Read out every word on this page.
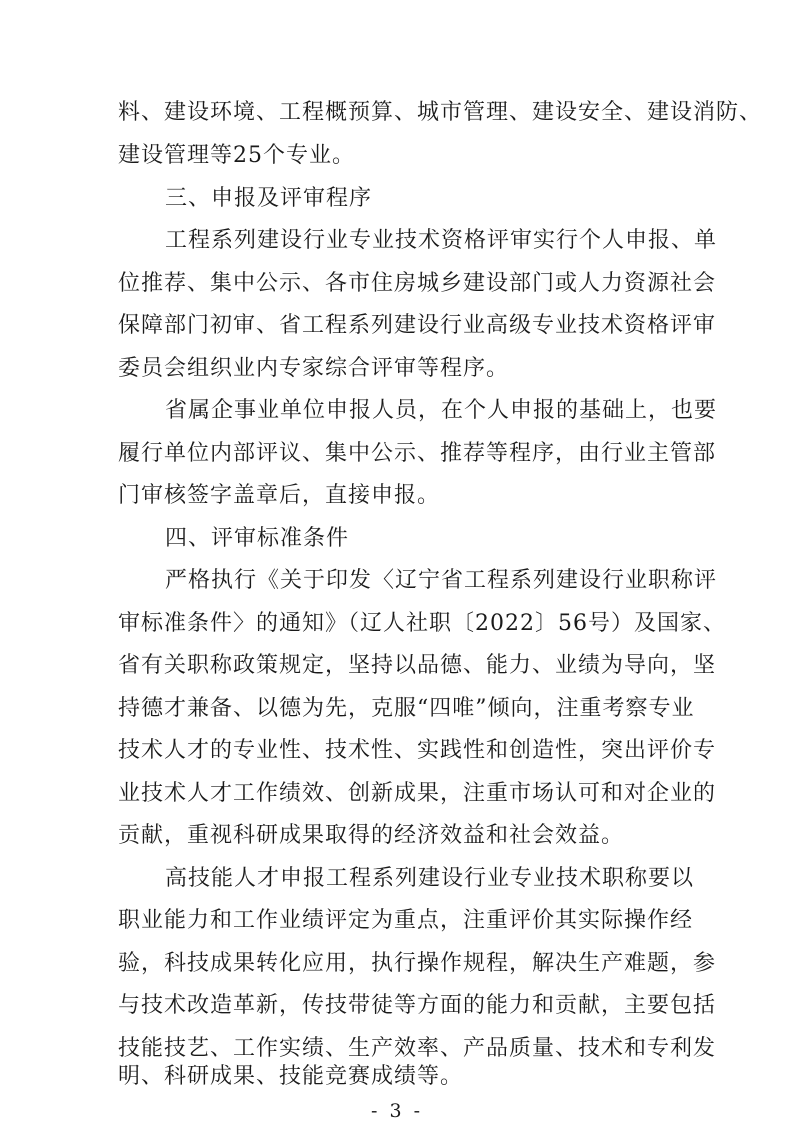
料、建设环境、工程概预算、城市管理、建设安全、建设消防、
建设管理等25个专业。
三、申报及评审程序
工程系列建设行业专业技术资格评审实行个人申报、单
位推荐、集中公示、各市住房城乡建设部门或人力资源社会
保障部门初审、省工程系列建设行业高级专业技术资格评审
委员会组织业内专家综合评审等程序。
省属企事业单位申报人员，在个人申报的基础上，也要
履行单位内部评议、集中公示、推荐等程序，由行业主管部
门审核签字盖章后，直接申报。
四、评审标准条件
严格执行《关于印发〈辽宁省工程系列建设行业职称评
审标准条件〉的通知》（辽人社职〔2022〕56号）及国家、
省有关职称政策规定，坚持以品德、能力、业绩为导向，坚
持德才兼备、以德为先，克服“四唯”倾向，注重考察专业
技术人才的专业性、技术性、实践性和创造性，突出评价专
业技术人才工作绩效、创新成果，注重市场认可和对企业的
贡献，重视科研成果取得的经济效益和社会效益。
高技能人才申报工程系列建设行业专业技术职称要以
职业能力和工作业绩评定为重点，注重评价其实际操作经
验，科技成果转化应用，执行操作规程，解决生产难题，参
与技术改造革新，传技带徒等方面的能力和贡献，主要包括
技能技艺、工作实绩、生产效率、产品质量、技术和专利发
- 3 -
明、科研成果、技能竞赛成绩等。
